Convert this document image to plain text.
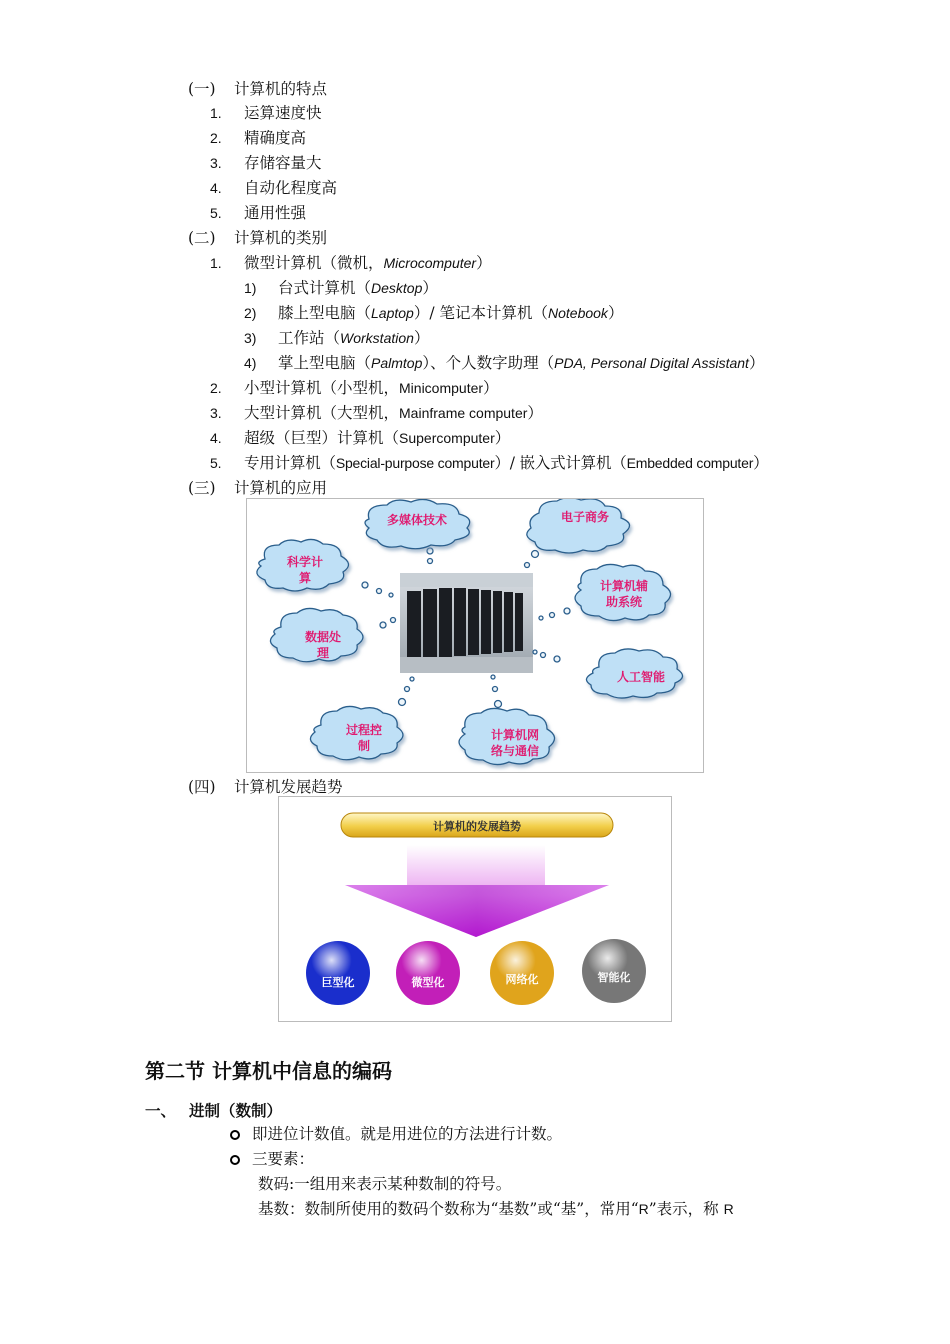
(一) 计算机的特点
1. 运算速度快
2. 精确度高
3. 存储容量大
4. 自动化程度高
5. 通用性强
(二) 计算机的类别
1. 微型计算机（微机，Microcomputer）
1) 台式计算机（Desktop）
2) 膝上型电脑（Laptop）/ 笔记本计算机（Notebook）
3) 工作站（Workstation）
4) 掌上型电脑（Palmtop）、个人数字助理（PDA, Personal Digital Assistant）
2. 小型计算机（小型机，Minicomputer）
3. 大型计算机（大型机，Mainframe computer）
4. 超级（巨型）计算机（Supercomputer）
5. 专用计算机（Special-purpose computer）/ 嵌入式计算机（Embedded computer）
(三) 计算机的应用
多媒体技术	电子商务
科学计
算
计算机辅
助系统
数据处
理
人工智能
过程控
制
计算机网
络与通信
(四) 计算机发展趋势
计算机的发展趋势
巨型化	微型化	网络化	智能化
第二节 计算机中信息的编码
一、 进制（数制）
即进位计数值。就是用进位的方法进行计数。
三要素：
数码:一组用来表示某种数制的符号。
基数：数制所使用的数码个数称为“基数”或“基”，常用“R”表示，称 R
